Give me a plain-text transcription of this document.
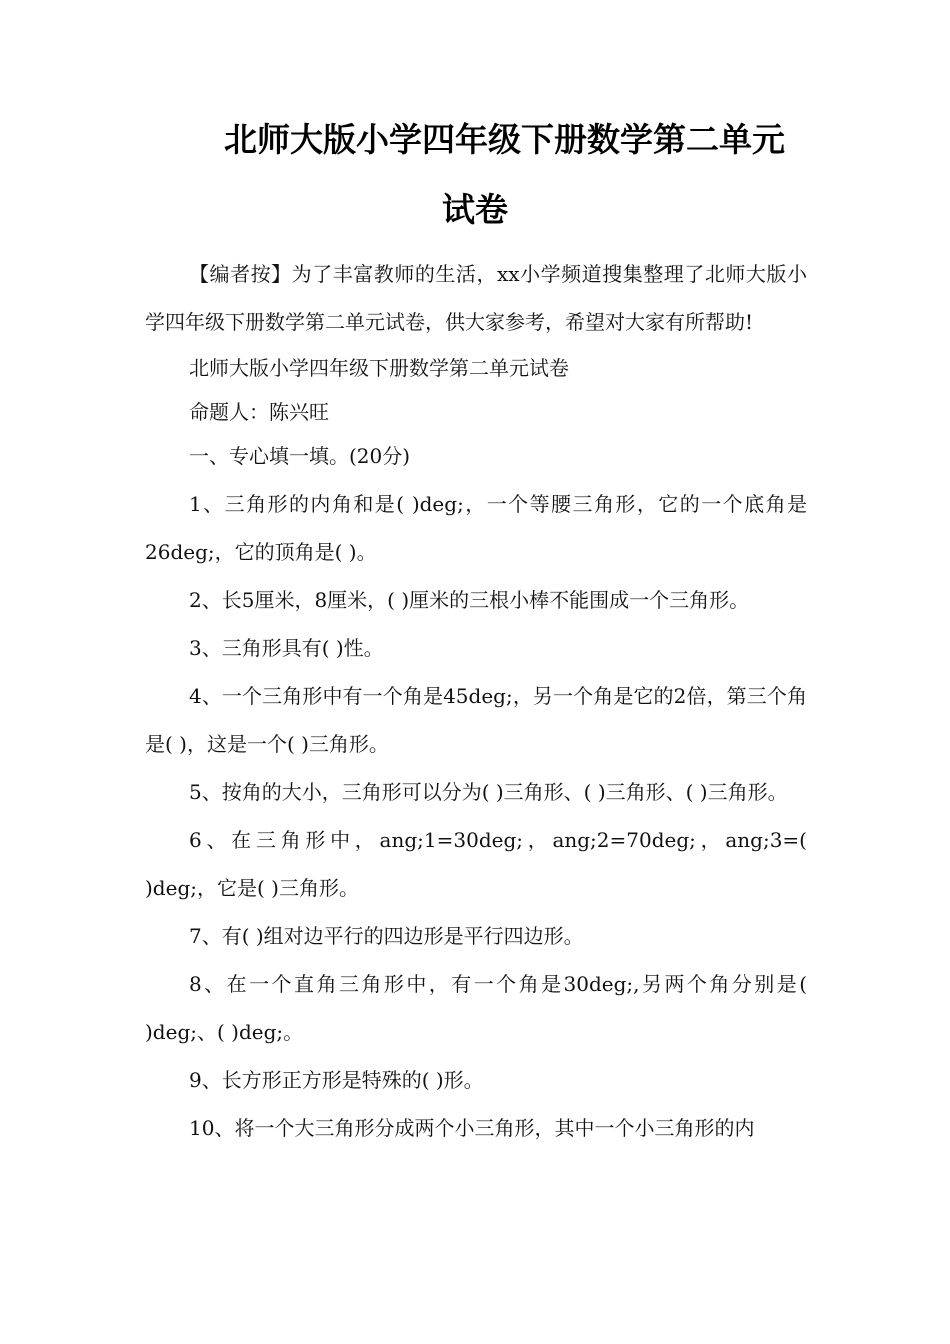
北师大版小学四年级下册数学第二单元
试卷

【编者按】为了丰富教师的生活，xx小学频道搜集整理了北师大版小学四年级下册数学第二单元试卷，供大家参考，希望对大家有所帮助!

北师大版小学四年级下册数学第二单元试卷

命题人：陈兴旺

一、专心填一填。(20分)

1、三角形的内角和是( )deg;，一个等腰三角形，它的一个底角是26deg;，它的顶角是( )。

2、长5厘米，8厘米，( )厘米的三根小棒不能围成一个三角形。

3、三角形具有( )性。

4、一个三角形中有一个角是45deg;，另一个角是它的2倍，第三个角是( )，这是一个( )三角形。

5、按角的大小，三角形可以分为( )三角形、( )三角形、( )三角形。

6、在三角形中，ang;1=30deg;，ang;2=70deg;，ang;3=( )deg;，它是( )三角形。

7、有( )组对边平行的四边形是平行四边形。

8、在一个直角三角形中，有一个角是30deg;,另两个角分别是( )deg;、( )deg;。

9、长方形正方形是特殊的( )形。

10、将一个大三角形分成两个小三角形，其中一个小三角形的内
